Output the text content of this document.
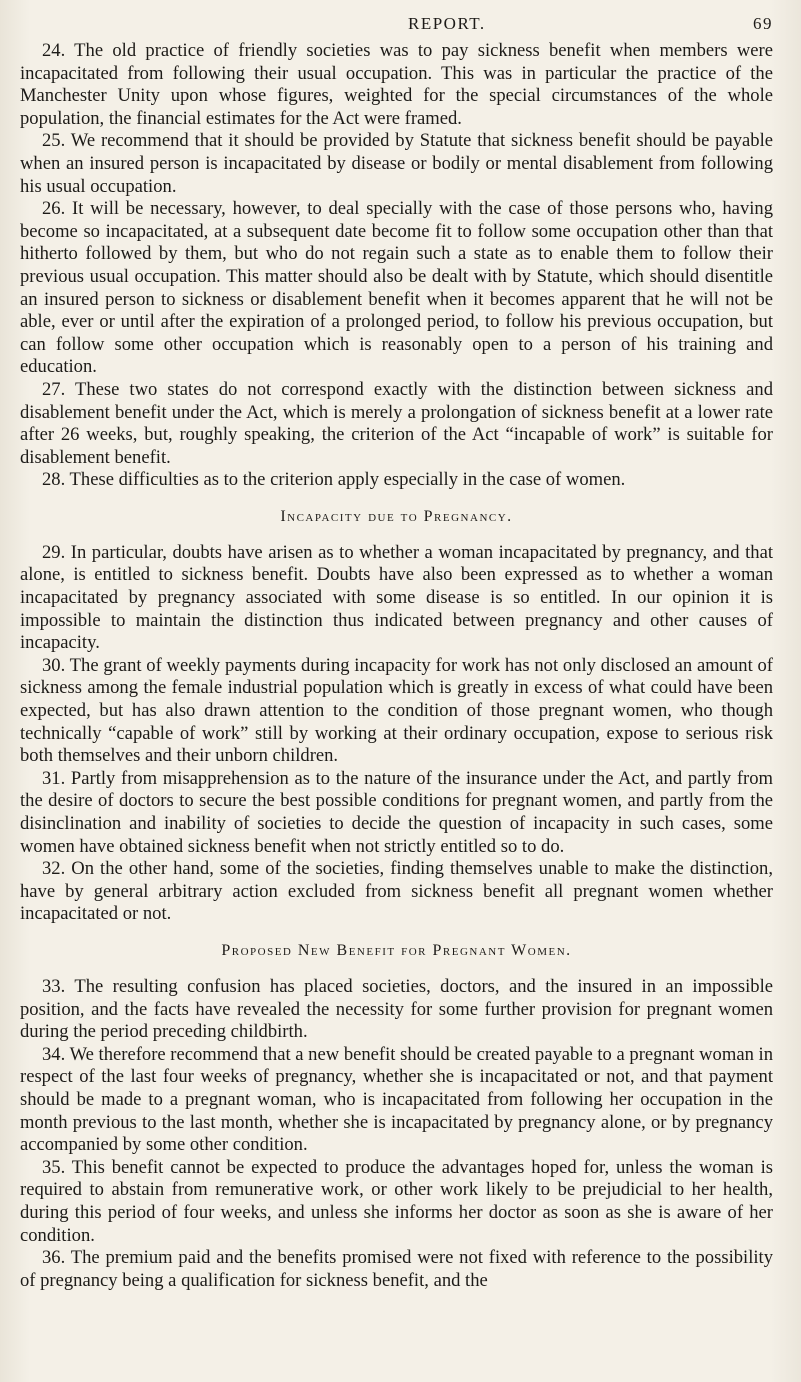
REPORT.	69

24. The old practice of friendly societies was to pay sickness benefit when members were incapacitated from following their usual occupation. This was in particular the practice of the Manchester Unity upon whose figures, weighted for the special circumstances of the whole population, the financial estimates for the Act were framed.

25. We recommend that it should be provided by Statute that sickness benefit should be payable when an insured person is incapacitated by disease or bodily or mental disablement from following his usual occupation.

26. It will be necessary, however, to deal specially with the case of those persons who, having become so incapacitated, at a subsequent date become fit to follow some occupation other than that hitherto followed by them, but who do not regain such a state as to enable them to follow their previous usual occupation. This matter should also be dealt with by Statute, which should disentitle an insured person to sickness or disablement benefit when it becomes apparent that he will not be able, ever or until after the expiration of a prolonged period, to follow his previous occupation, but can follow some other occupation which is reasonably open to a person of his training and education.

27. These two states do not correspond exactly with the distinction between sickness and disablement benefit under the Act, which is merely a prolongation of sickness benefit at a lower rate after 26 weeks, but, roughly speaking, the criterion of the Act “incapable of work” is suitable for disablement benefit.

28. These difficulties as to the criterion apply especially in the case of women.

Incapacity due to Pregnancy.

29. In particular, doubts have arisen as to whether a woman incapacitated by pregnancy, and that alone, is entitled to sickness benefit. Doubts have also been expressed as to whether a woman incapacitated by pregnancy associated with some disease is so entitled. In our opinion it is impossible to maintain the distinction thus indicated between pregnancy and other causes of incapacity.

30. The grant of weekly payments during incapacity for work has not only disclosed an amount of sickness among the female industrial population which is greatly in excess of what could have been expected, but has also drawn attention to the condition of those pregnant women, who though technically “capable of work” still by working at their ordinary occupation, expose to serious risk both themselves and their unborn children.

31. Partly from misapprehension as to the nature of the insurance under the Act, and partly from the desire of doctors to secure the best possible conditions for pregnant women, and partly from the disinclination and inability of societies to decide the question of incapacity in such cases, some women have obtained sickness benefit when not strictly entitled so to do.

32. On the other hand, some of the societies, finding themselves unable to make the distinction, have by general arbitrary action excluded from sickness benefit all pregnant women whether incapacitated or not.

Proposed New Benefit for Pregnant Women.

33. The resulting confusion has placed societies, doctors, and the insured in an impossible position, and the facts have revealed the necessity for some further provision for pregnant women during the period preceding childbirth.

34. We therefore recommend that a new benefit should be created payable to a pregnant woman in respect of the last four weeks of pregnancy, whether she is incapacitated or not, and that payment should be made to a pregnant woman, who is incapacitated from following her occupation in the month previous to the last month, whether she is incapacitated by pregnancy alone, or by pregnancy accompanied by some other condition.

35. This benefit cannot be expected to produce the advantages hoped for, unless the woman is required to abstain from remunerative work, or other work likely to be prejudicial to her health, during this period of four weeks, and unless she informs her doctor as soon as she is aware of her condition.

36. The premium paid and the benefits promised were not fixed with reference to the possibility of pregnancy being a qualification for sickness benefit, and the
